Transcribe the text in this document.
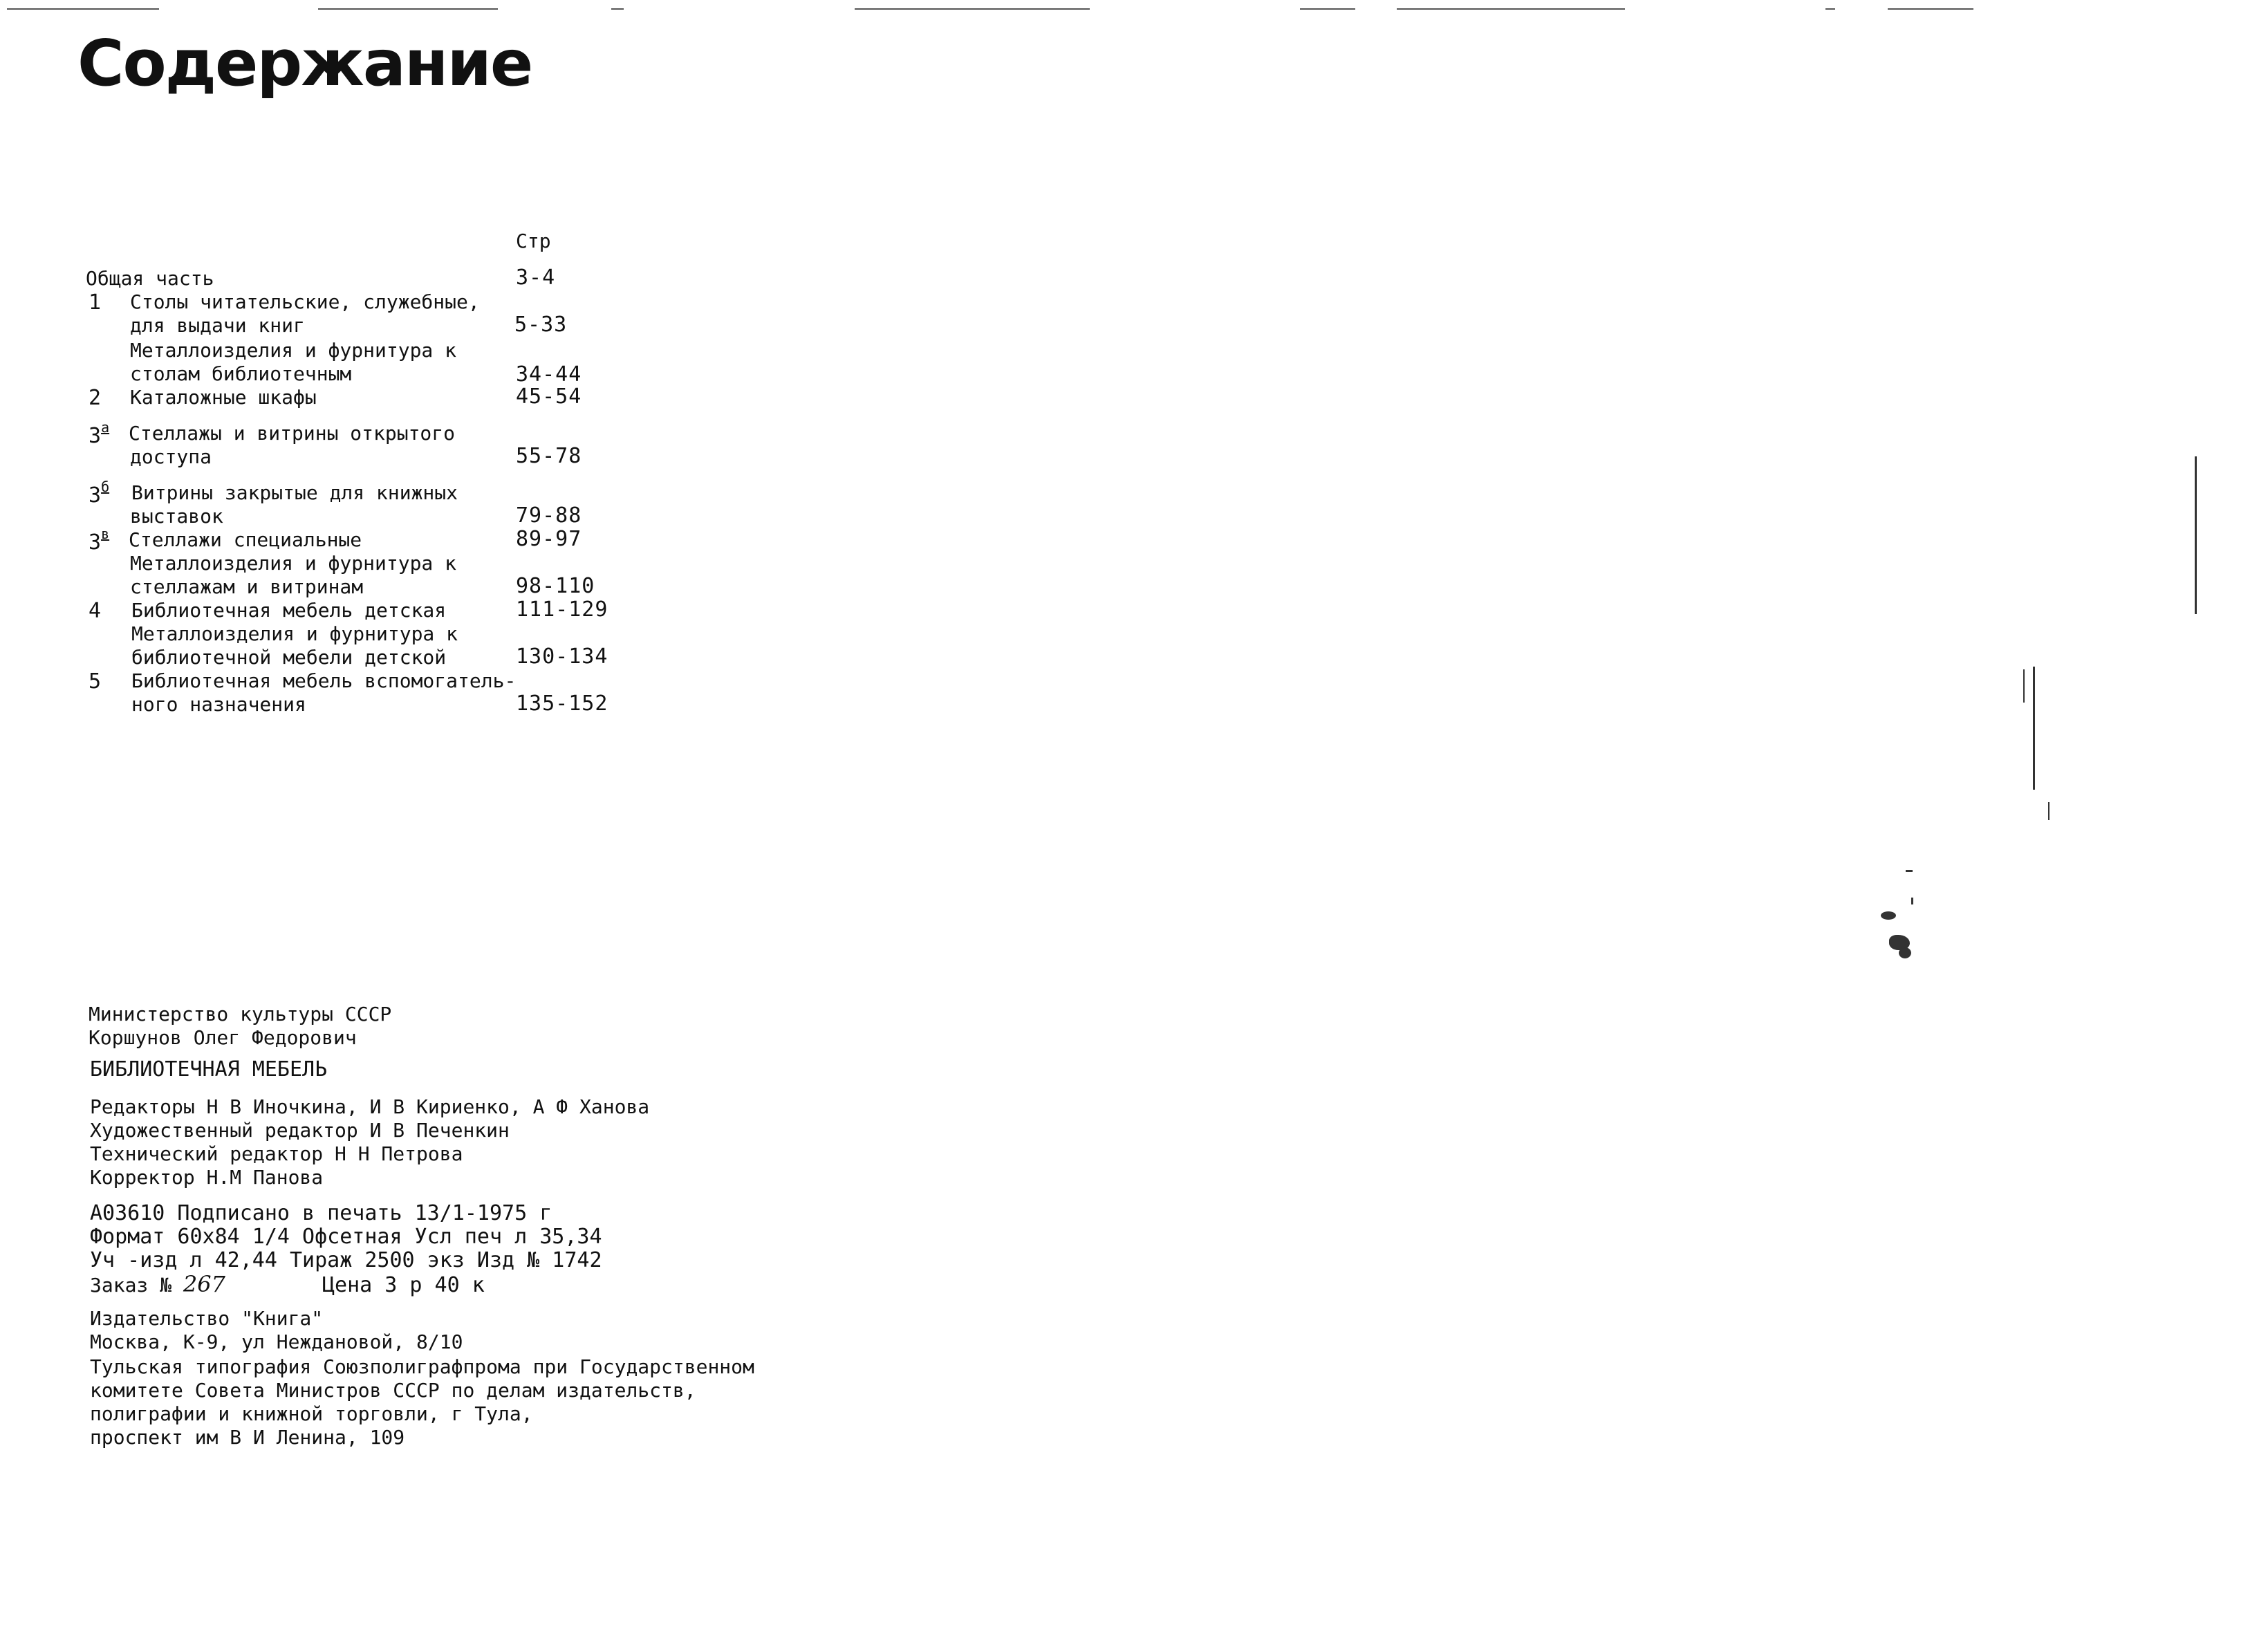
Содержание
Стр
Общая часть	3-4
1 Столы читательские, служебные,
для выдачи книг	5-33
Металлоизделия и фурнитура к
столам библиотечным	34-44
2 Каталожные шкафы	45-54
$3^а$ Стеллажы и витрины открытого
доступа	55-78
$3^б$ Витрины закрытые для книжных
выставок	79-88
$3^в$ Стеллажи специальные	89-97
Металлоизделия и фурнитура к
стеллажам и витринам	98-110
4 Библиотечная мебель детская	111-129
Металлоизделия и фурнитура к
библиотечной мебели детской	130-134
5 Библиотечная мебель вспомогатель-
ного назначения	135-152
Министерство культуры СССР
Коршунов Олег Федорович
БИБЛИОТЕЧНАЯ МЕБЕЛЬ
Редакторы Н В Иночкина, И В Кириенко, А Ф Ханова
Художественный редактор И В Печенкин
Технический редактор Н Н Петрова
Корректор Н.М Панова
А03610 Подписано в печать 13/1-1975 г
Формат 60х84 1/4 Офсетная Усл печ л 35,34
Уч -изд л 42,44 Тираж 2500 экз Изд № 1742
Заказ № 267	Цена 3 р 40 к
Издательство "Книга"
Москва, К-9, ул Неждановой, 8/10
Тульская типография Союзполиграфпрома при Государственном
комитете Совета Министров СССР по делам издательств,
полиграфии и книжной торговли, г Тула,
проспект им В И Ленина, 109
